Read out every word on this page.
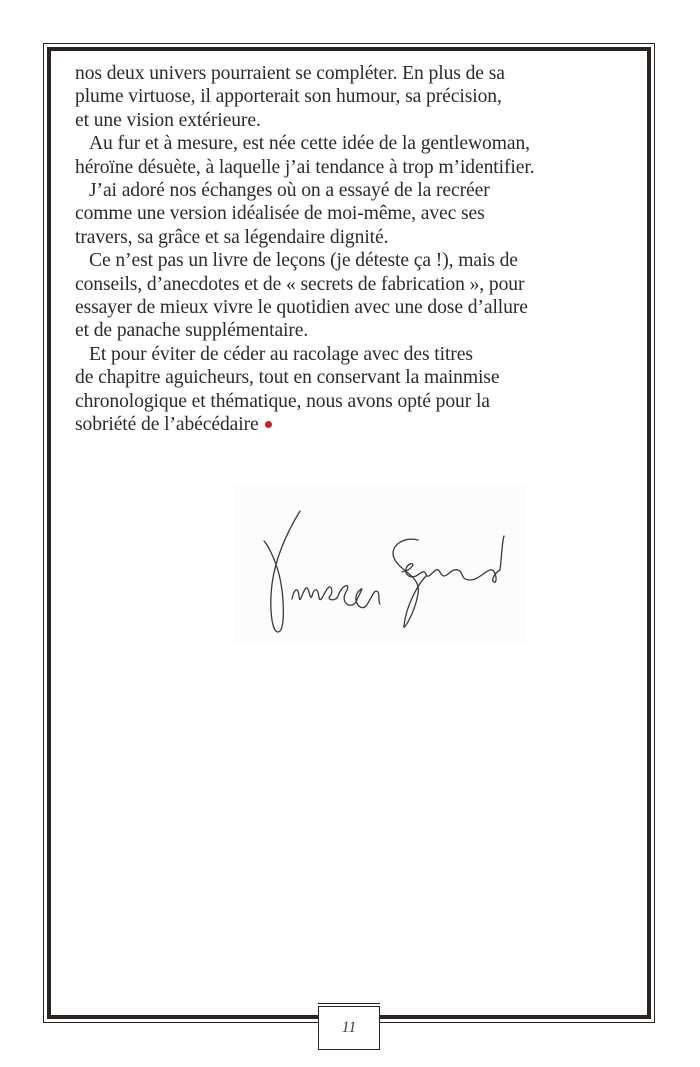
nos deux univers pourraient se compléter. En plus de sa
plume virtuose, il apporterait son humour, sa précision,
et une vision extérieure.
Au fur et à mesure, est née cette idée de la gentlewoman,
héroïne désuète, à laquelle j’ai tendance à trop m’identifier.
J’ai adoré nos échanges où on a essayé de la recréer
comme une version idéalisée de moi-même, avec ses
travers, sa grâce et sa légendaire dignité.
Ce n’est pas un livre de leçons (je déteste ça !), mais de
conseils, d’anecdotes et de « secrets de fabrication », pour
essayer de mieux vivre le quotidien avec une dose d’allure
et de panache supplémentaire.
Et pour éviter de céder au racolage avec des titres
de chapitre aguicheurs, tout en conservant la mainmise
chronologique et thématique, nous avons opté pour la
sobriété de l’abécédaire
11
